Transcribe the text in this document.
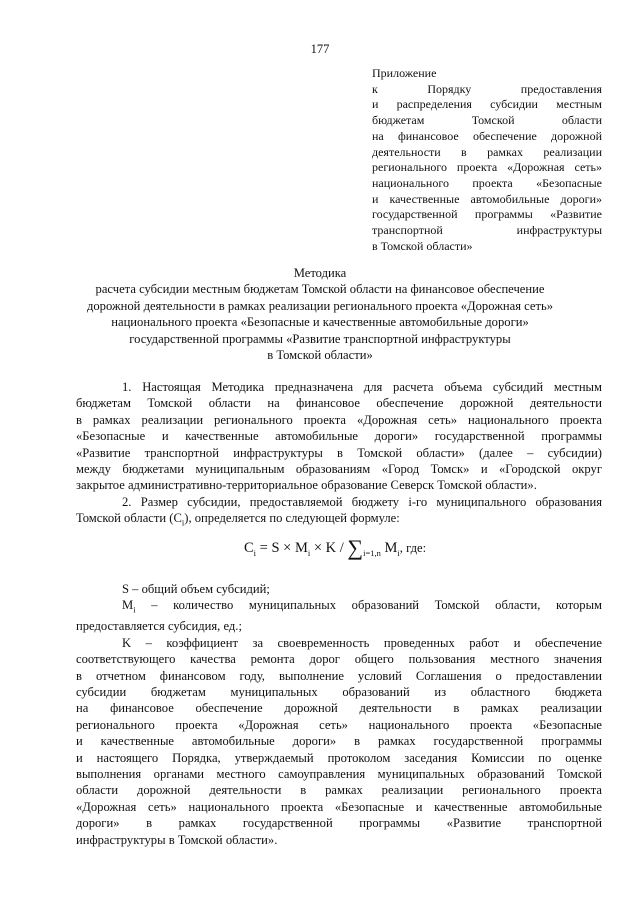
177
Приложение
к Порядку предоставления
и распределения субсидии местным
бюджетам Томской области
на финансовое обеспечение дорожной
деятельности в рамках реализации
регионального проекта «Дорожная сеть»
национального проекта «Безопасные
и качественные автомобильные дороги»
государственной программы «Развитие
транспортной инфраструктуры
в Томской области»
Методика
расчета субсидии местным бюджетам Томской области на финансовое обеспечение
дорожной деятельности в рамках реализации регионального проекта «Дорожная сеть»
национального проекта «Безопасные и качественные автомобильные дороги»
государственной программы «Развитие транспортной инфраструктуры
в Томской области»
1. Настоящая Методика предназначена для расчета объема субсидий местным
бюджетам Томской области на финансовое обеспечение дорожной деятельности
в рамках реализации регионального проекта «Дорожная сеть» национального проекта
«Безопасные и качественные автомобильные дороги» государственной программы
«Развитие транспортной инфраструктуры в Томской области» (далее – субсидии)
между бюджетами муниципальным образованиям «Город Томск» и «Городской округ
закрытое административно-территориальное образование Северск Томской области».
2. Размер субсидии, предоставляемой бюджету i-го муниципального образования
Томской области $(С_i)$, определяется по следующей формуле:
$C_i = S \times M_i \times K / \sum_{i=1,n}$ $M_i$, где:
S – общий объем субсидий;
$M_i$ – количество муниципальных образований Томской области, которым
предоставляется субсидия, ед.;
K – коэффициент за своевременность проведенных работ и обеспечение
соответствующего качества ремонта дорог общего пользования местного значения
в отчетном финансовом году, выполнение условий Соглашения о предоставлении
субсидии бюджетам муниципальных образований из областного бюджета
на финансовое обеспечение дорожной деятельности в рамках реализации
регионального проекта «Дорожная сеть» национального проекта «Безопасные
и качественные автомобильные дороги» в рамках государственной программы
и настоящего Порядка, утверждаемый протоколом заседания Комиссии по оценке
выполнения органами местного самоуправления муниципальных образований Томской
области дорожной деятельности в рамках реализации регионального проекта
«Дорожная сеть» национального проекта «Безопасные и качественные автомобильные
дороги» в рамках государственной программы «Развитие транспортной
инфраструктуры в Томской области».
